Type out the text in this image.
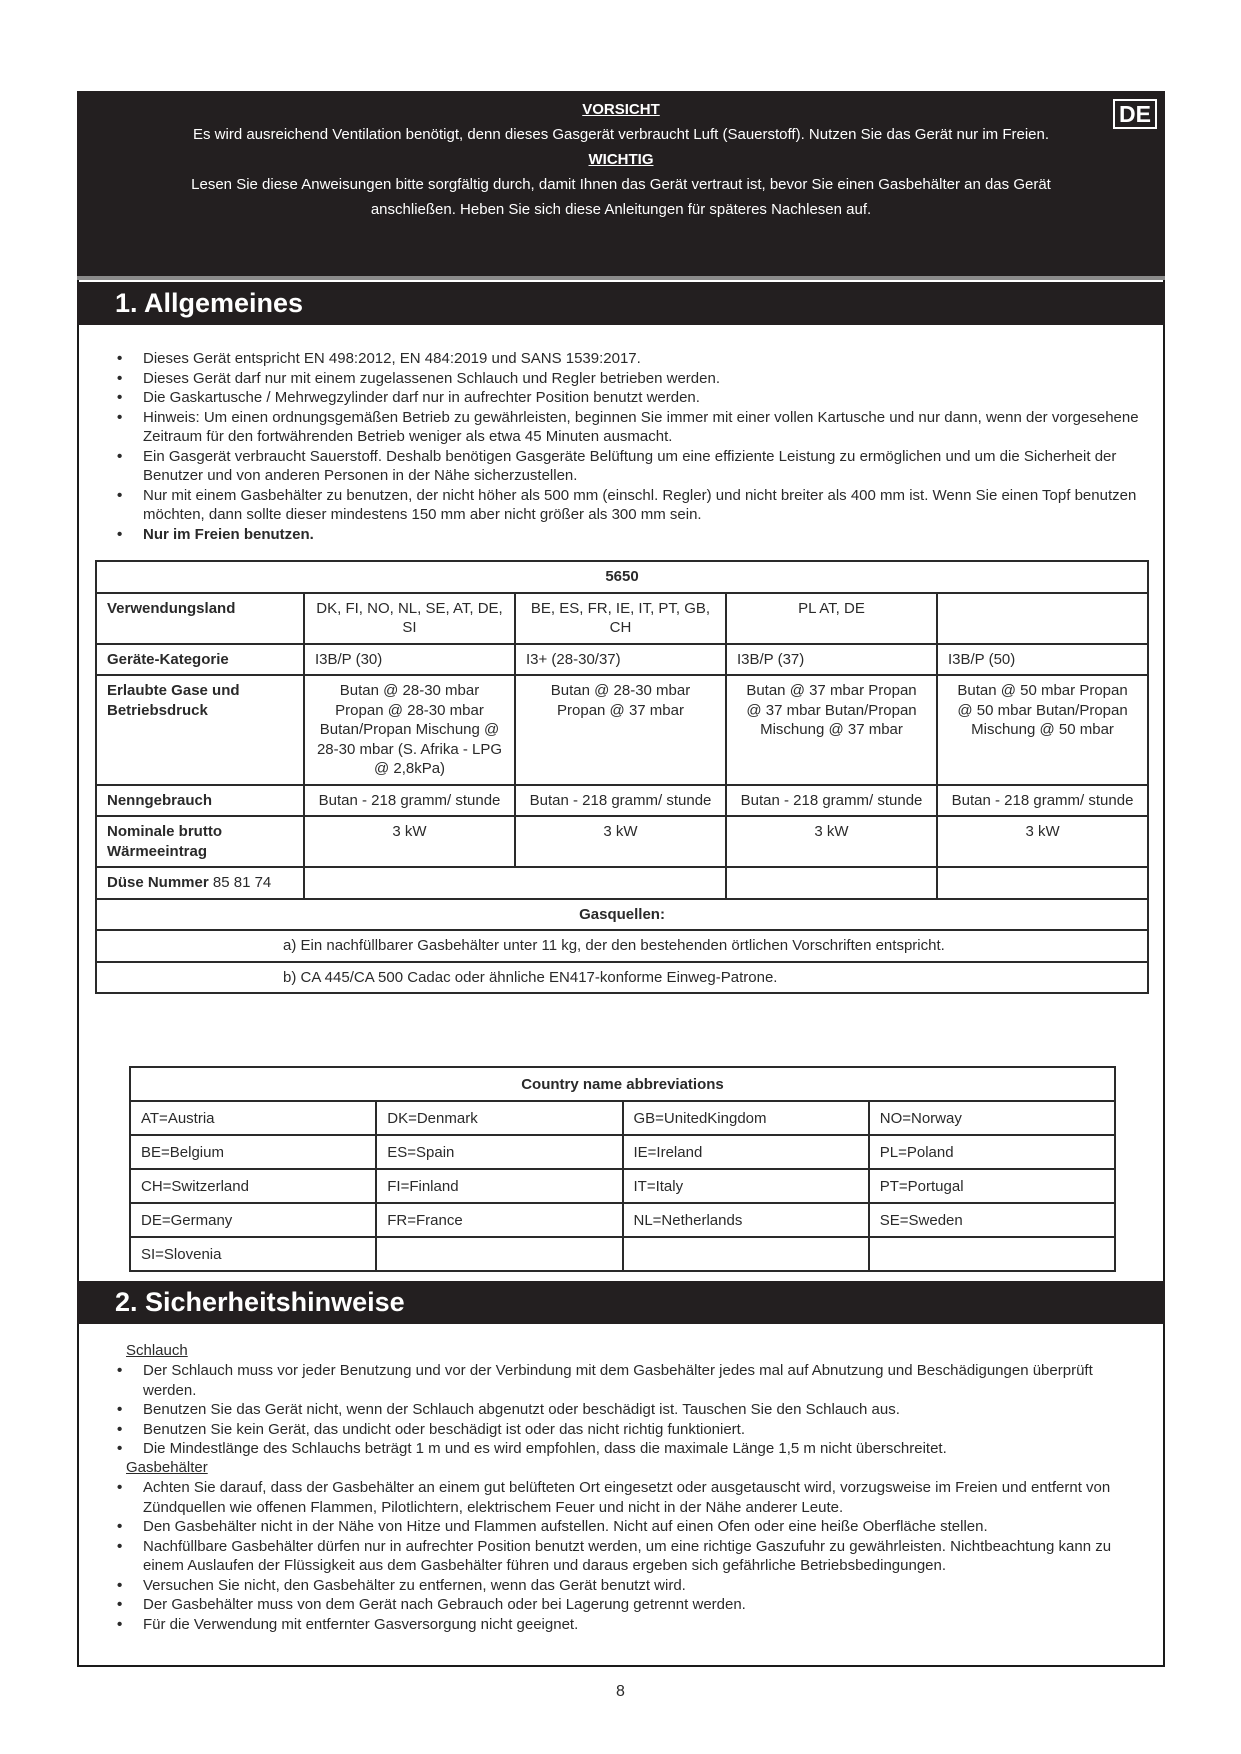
VORSICHT
Es wird ausreichend Ventilation benötigt, denn dieses Gasgerät verbraucht Luft (Sauerstoff). Nutzen Sie das Gerät nur im Freien.
WICHTIG
Lesen Sie diese Anweisungen bitte sorgfältig durch, damit Ihnen das Gerät vertraut ist, bevor Sie einen Gasbehälter an das Gerät
anschließen. Heben Sie sich diese Anleitungen für späteres Nachlesen auf.
DE
1. Allgemeines
• Dieses Gerät entspricht EN 498:2012, EN 484:2019 und SANS 1539:2017.
• Dieses Gerät darf nur mit einem zugelassenen Schlauch und Regler betrieben werden.
• Die Gaskartusche / Mehrwegzylinder darf nur in aufrechter Position benutzt werden.
• Hinweis: Um einen ordnungsgemäßen Betrieb zu gewährleisten, beginnen Sie immer mit einer vollen Kartusche und nur dann, wenn der vorgesehene Zeitraum für den fortwährenden Betrieb weniger als etwa 45 Minuten ausmacht.
• Ein Gasgerät verbraucht Sauerstoff. Deshalb benötigen Gasgeräte Belüftung um eine effiziente Leistung zu ermöglichen und um die Sicherheit der Benutzer und von anderen Personen in der Nähe sicherzustellen.
• Nur mit einem Gasbehälter zu benutzen, der nicht höher als 500 mm (einschl. Regler) und nicht breiter als 400 mm ist. Wenn Sie einen Topf benutzen möchten, dann sollte dieser mindestens 150 mm aber nicht größer als 300 mm sein.
• Nur im Freien benutzen.
5650				
Verwendungsland	DK, FI, NO, NL, SE, AT, DE, SI	BE, ES, FR, IE, IT, PT, GB, CH	PL AT, DE	
Geräte-Kategorie	I3B/P (30)	I3+ (28-30/37)	I3B/P (37)	I3B/P (50)
Erlaubte Gase und Betriebsdruck	Butan @ 28-30 mbar Propan @ 28-30 mbar Butan/Propan Mischung @ 28-30 mbar (S. Afrika - LPG @ 2,8kPa)	Butan @ 28-30 mbar Propan @ 37 mbar	Butan @ 37 mbar Propan @ 37 mbar Butan/Propan Mischung @ 37 mbar	Butan @ 50 mbar Propan @ 50 mbar Butan/Propan Mischung @ 50 mbar
Nenngebrauch	Butan - 218 gramm/ stunde	Butan - 218 gramm/ stunde	Butan - 218 gramm/ stunde	Butan - 218 gramm/ stunde
Nominale brutto Wärmeeintrag	3 kW	3 kW	3 kW	3 kW
Düse Nummer 85 81 74				
Gasquellen:				
a) Ein nachfüllbarer Gasbehälter unter 11 kg, der den bestehenden örtlichen Vorschriften entspricht.				
b) CA 445/CA 500 Cadac oder ähnliche EN417-konforme Einweg-Patrone.				
Country name abbreviations			
AT=Austria	DK=Denmark	GB=UnitedKingdom	NO=Norway
BE=Belgium	ES=Spain	IE=Ireland	PL=Poland
CH=Switzerland	FI=Finland	IT=Italy	PT=Portugal
DE=Germany	FR=France	NL=Netherlands	SE=Sweden
SI=Slovenia			
2. Sicherheitshinweise
Schlauch
• Der Schlauch muss vor jeder Benutzung und vor der Verbindung mit dem Gasbehälter jedes mal auf Abnutzung und Beschädigungen überprüft werden.
• Benutzen Sie das Gerät nicht, wenn der Schlauch abgenutzt oder beschädigt ist. Tauschen Sie den Schlauch aus.
• Benutzen Sie kein Gerät, das undicht oder beschädigt ist oder das nicht richtig funktioniert.
• Die Mindestlänge des Schlauchs beträgt 1 m und es wird empfohlen, dass die maximale Länge 1,5 m nicht überschreitet.
Gasbehälter
• Achten Sie darauf, dass der Gasbehälter an einem gut belüfteten Ort eingesetzt oder ausgetauscht wird, vorzugsweise im Freien und entfernt von Zündquellen wie offenen Flammen, Pilotlichtern, elektrischem Feuer und nicht in der Nähe anderer Leute.
• Den Gasbehälter nicht in der Nähe von Hitze und Flammen aufstellen. Nicht auf einen Ofen oder eine heiße Oberfläche stellen.
• Nachfüllbare Gasbehälter dürfen nur in aufrechter Position benutzt werden, um eine richtige Gaszufuhr zu gewährleisten. Nichtbeachtung kann zu einem Auslaufen der Flüssigkeit aus dem Gasbehälter führen und daraus ergeben sich gefährliche Betriebsbedingungen.
• Versuchen Sie nicht, den Gasbehälter zu entfernen, wenn das Gerät benutzt wird.
• Der Gasbehälter muss von dem Gerät nach Gebrauch oder bei Lagerung getrennt werden.
• Für die Verwendung mit entfernter Gasversorgung nicht geeignet.
8
